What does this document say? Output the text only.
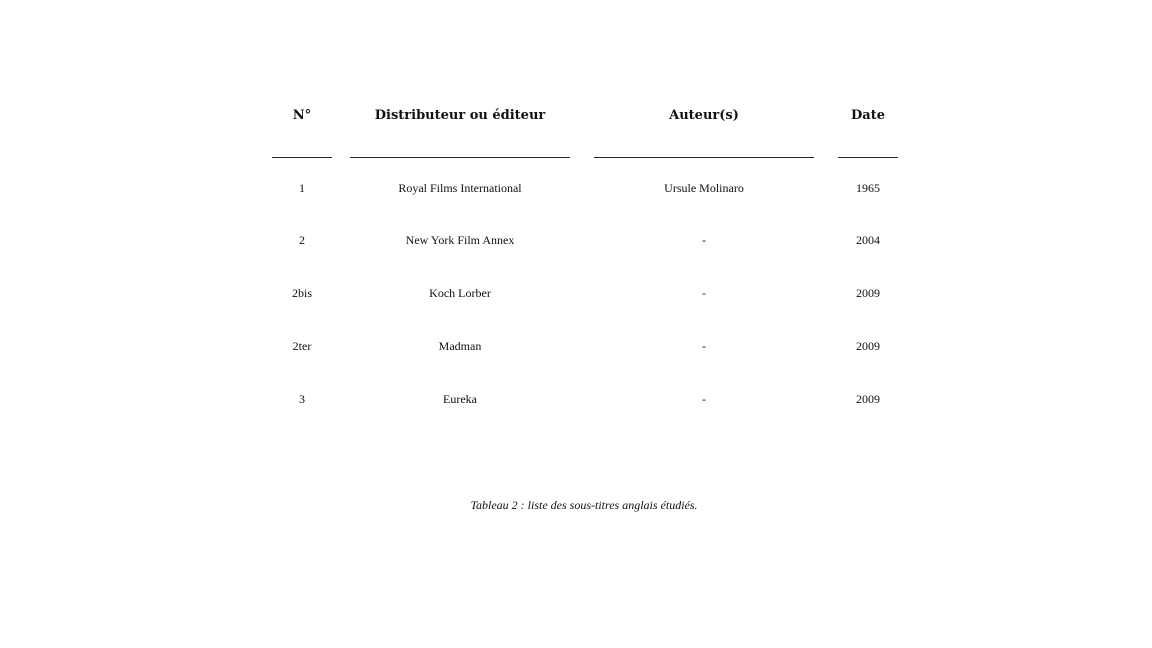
N°	Distributeur ou éditeur	Auteur(s)	Date
1	Royal Films International	Ursule Molinaro	1965
2	New York Film Annex	-	2004
2bis	Koch Lorber	-	2009
2ter	Madman	-	2009
3	Eureka	-	2009
Tableau 2 : liste des sous-titres anglais étudiés.
